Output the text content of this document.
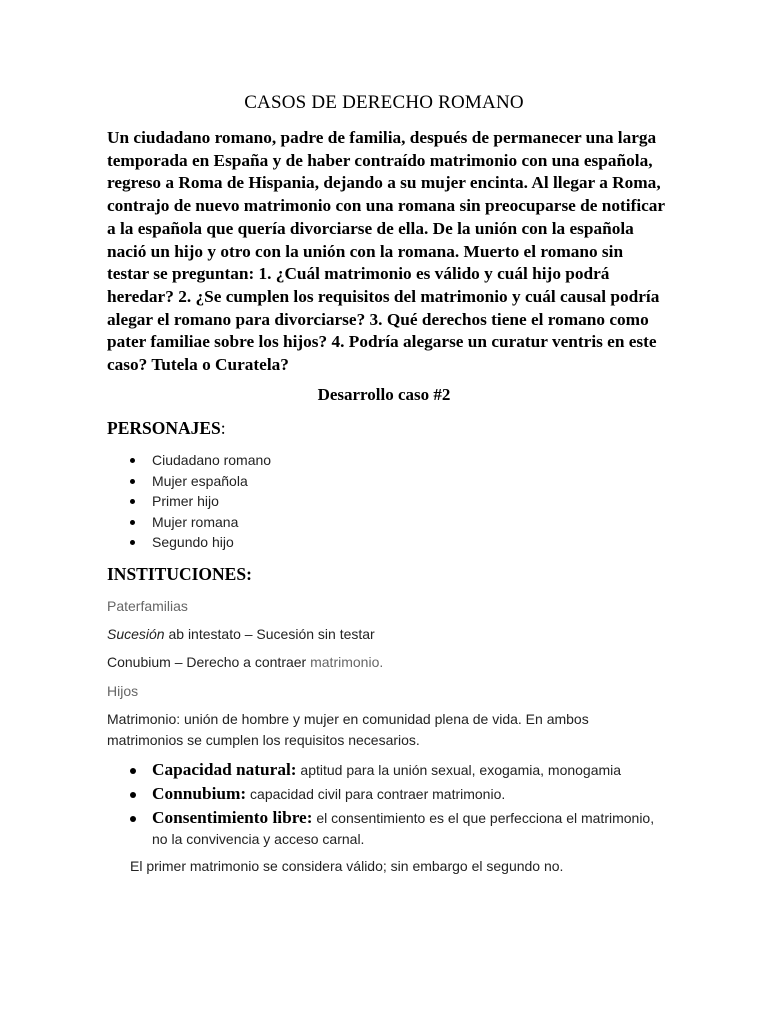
CASOS DE DERECHO ROMANO
Un ciudadano romano, padre de familia, después de permanecer una larga temporada en España y de haber contraído matrimonio con una española, regreso a Roma de Hispania, dejando a su mujer encinta. Al llegar a Roma, contrajo de nuevo matrimonio con una romana sin preocuparse de notificar a la española que quería divorciarse de ella. De la unión con la española nació un hijo y otro con la unión con la romana. Muerto el romano sin testar se preguntan: 1. ¿Cuál matrimonio es válido y cuál hijo podrá heredar? 2. ¿Se cumplen los requisitos del matrimonio y cuál causal podría alegar el romano para divorciarse? 3. Qué derechos tiene el romano como pater familiae sobre los hijos? 4. Podría alegarse un curatur ventris en este caso? Tutela o Curatela?
Desarrollo caso #2
PERSONAJES:
Ciudadano romano
Mujer española
Primer hijo
Mujer romana
Segundo hijo
INSTITUCIONES:
Paterfamilias
Sucesión ab intestato – Sucesión sin testar
Conubium – Derecho a contraer matrimonio.
Hijos
Matrimonio: unión de hombre y mujer en comunidad plena de vida. En ambos matrimonios se cumplen los requisitos necesarios.
Capacidad natural: aptitud para la unión sexual, exogamia, monogamia
Connubium: capacidad civil para contraer matrimonio.
Consentimiento libre: el consentimiento es el que perfecciona el matrimonio, no la convivencia y acceso carnal.
El primer matrimonio se considera válido; sin embargo el segundo no.
